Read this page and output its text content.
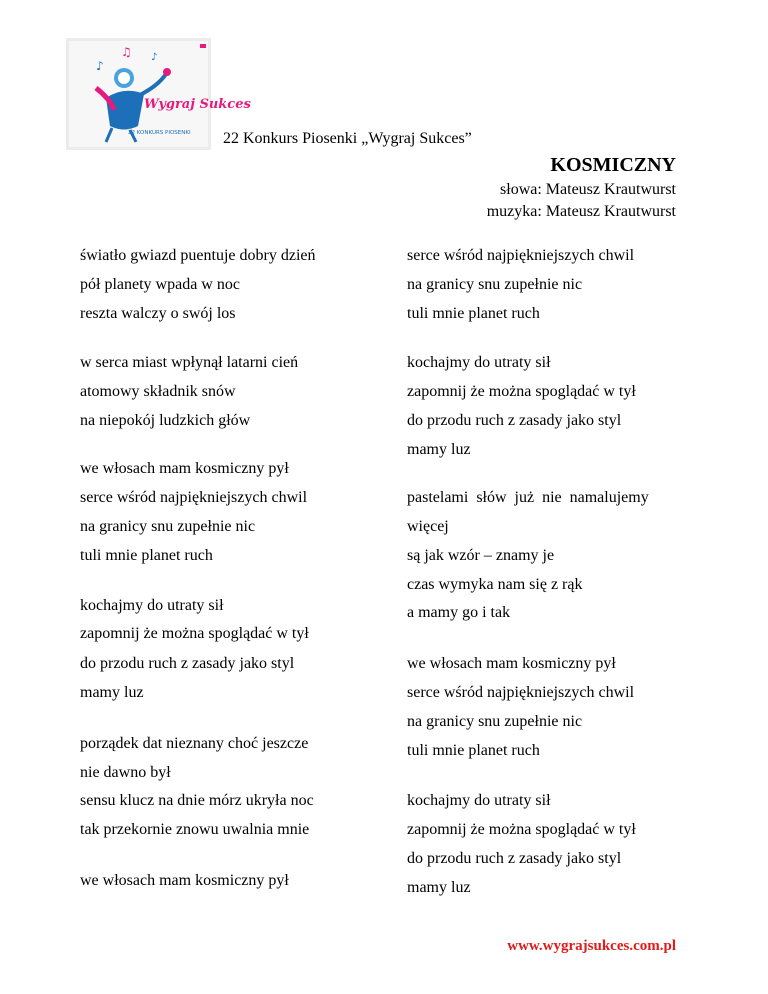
♪
♫ ♪
Wygraj Sukces
22 KONKURS PIOSENKI 22 Konkurs Piosenki „Wygraj Sukces”
KOSMICZNY
słowa: Mateusz Krautwurst
muzyka: Mateusz Krautwurst
światło gwiazd puentuje dobry dzień
pół planety wpada w noc
reszta walczy o swój los
w serca miast wpłynął latarni cień
atomowy składnik snów
na niepokój ludzkich głów
we włosach mam kosmiczny pył
serce wśród najpiękniejszych chwil
na granicy snu zupełnie nic
tuli mnie planet ruch
kochajmy do utraty sił
zapomnij że można spoglądać w tył
do przodu ruch z zasady jako styl
mamy luz
porządek dat nieznany choć jeszcze
nie dawno był
sensu klucz na dnie mórz ukryła noc
tak przekornie znowu uwalnia mnie
we włosach mam kosmiczny pył
serce wśród najpiękniejszych chwil
na granicy snu zupełnie nic
tuli mnie planet ruch
kochajmy do utraty sił
zapomnij że można spoglądać w tył
do przodu ruch z zasady jako styl
mamy luz
pastelami  słów  już  nie  namalujemy
więcej
są jak wzór – znamy je
czas wymyka nam się z rąk
a mamy go i tak
we włosach mam kosmiczny pył
serce wśród najpiękniejszych chwil
na granicy snu zupełnie nic
tuli mnie planet ruch
kochajmy do utraty sił
zapomnij że można spoglądać w tył
do przodu ruch z zasady jako styl
mamy luz
www.wygrajsukces.com.pl
